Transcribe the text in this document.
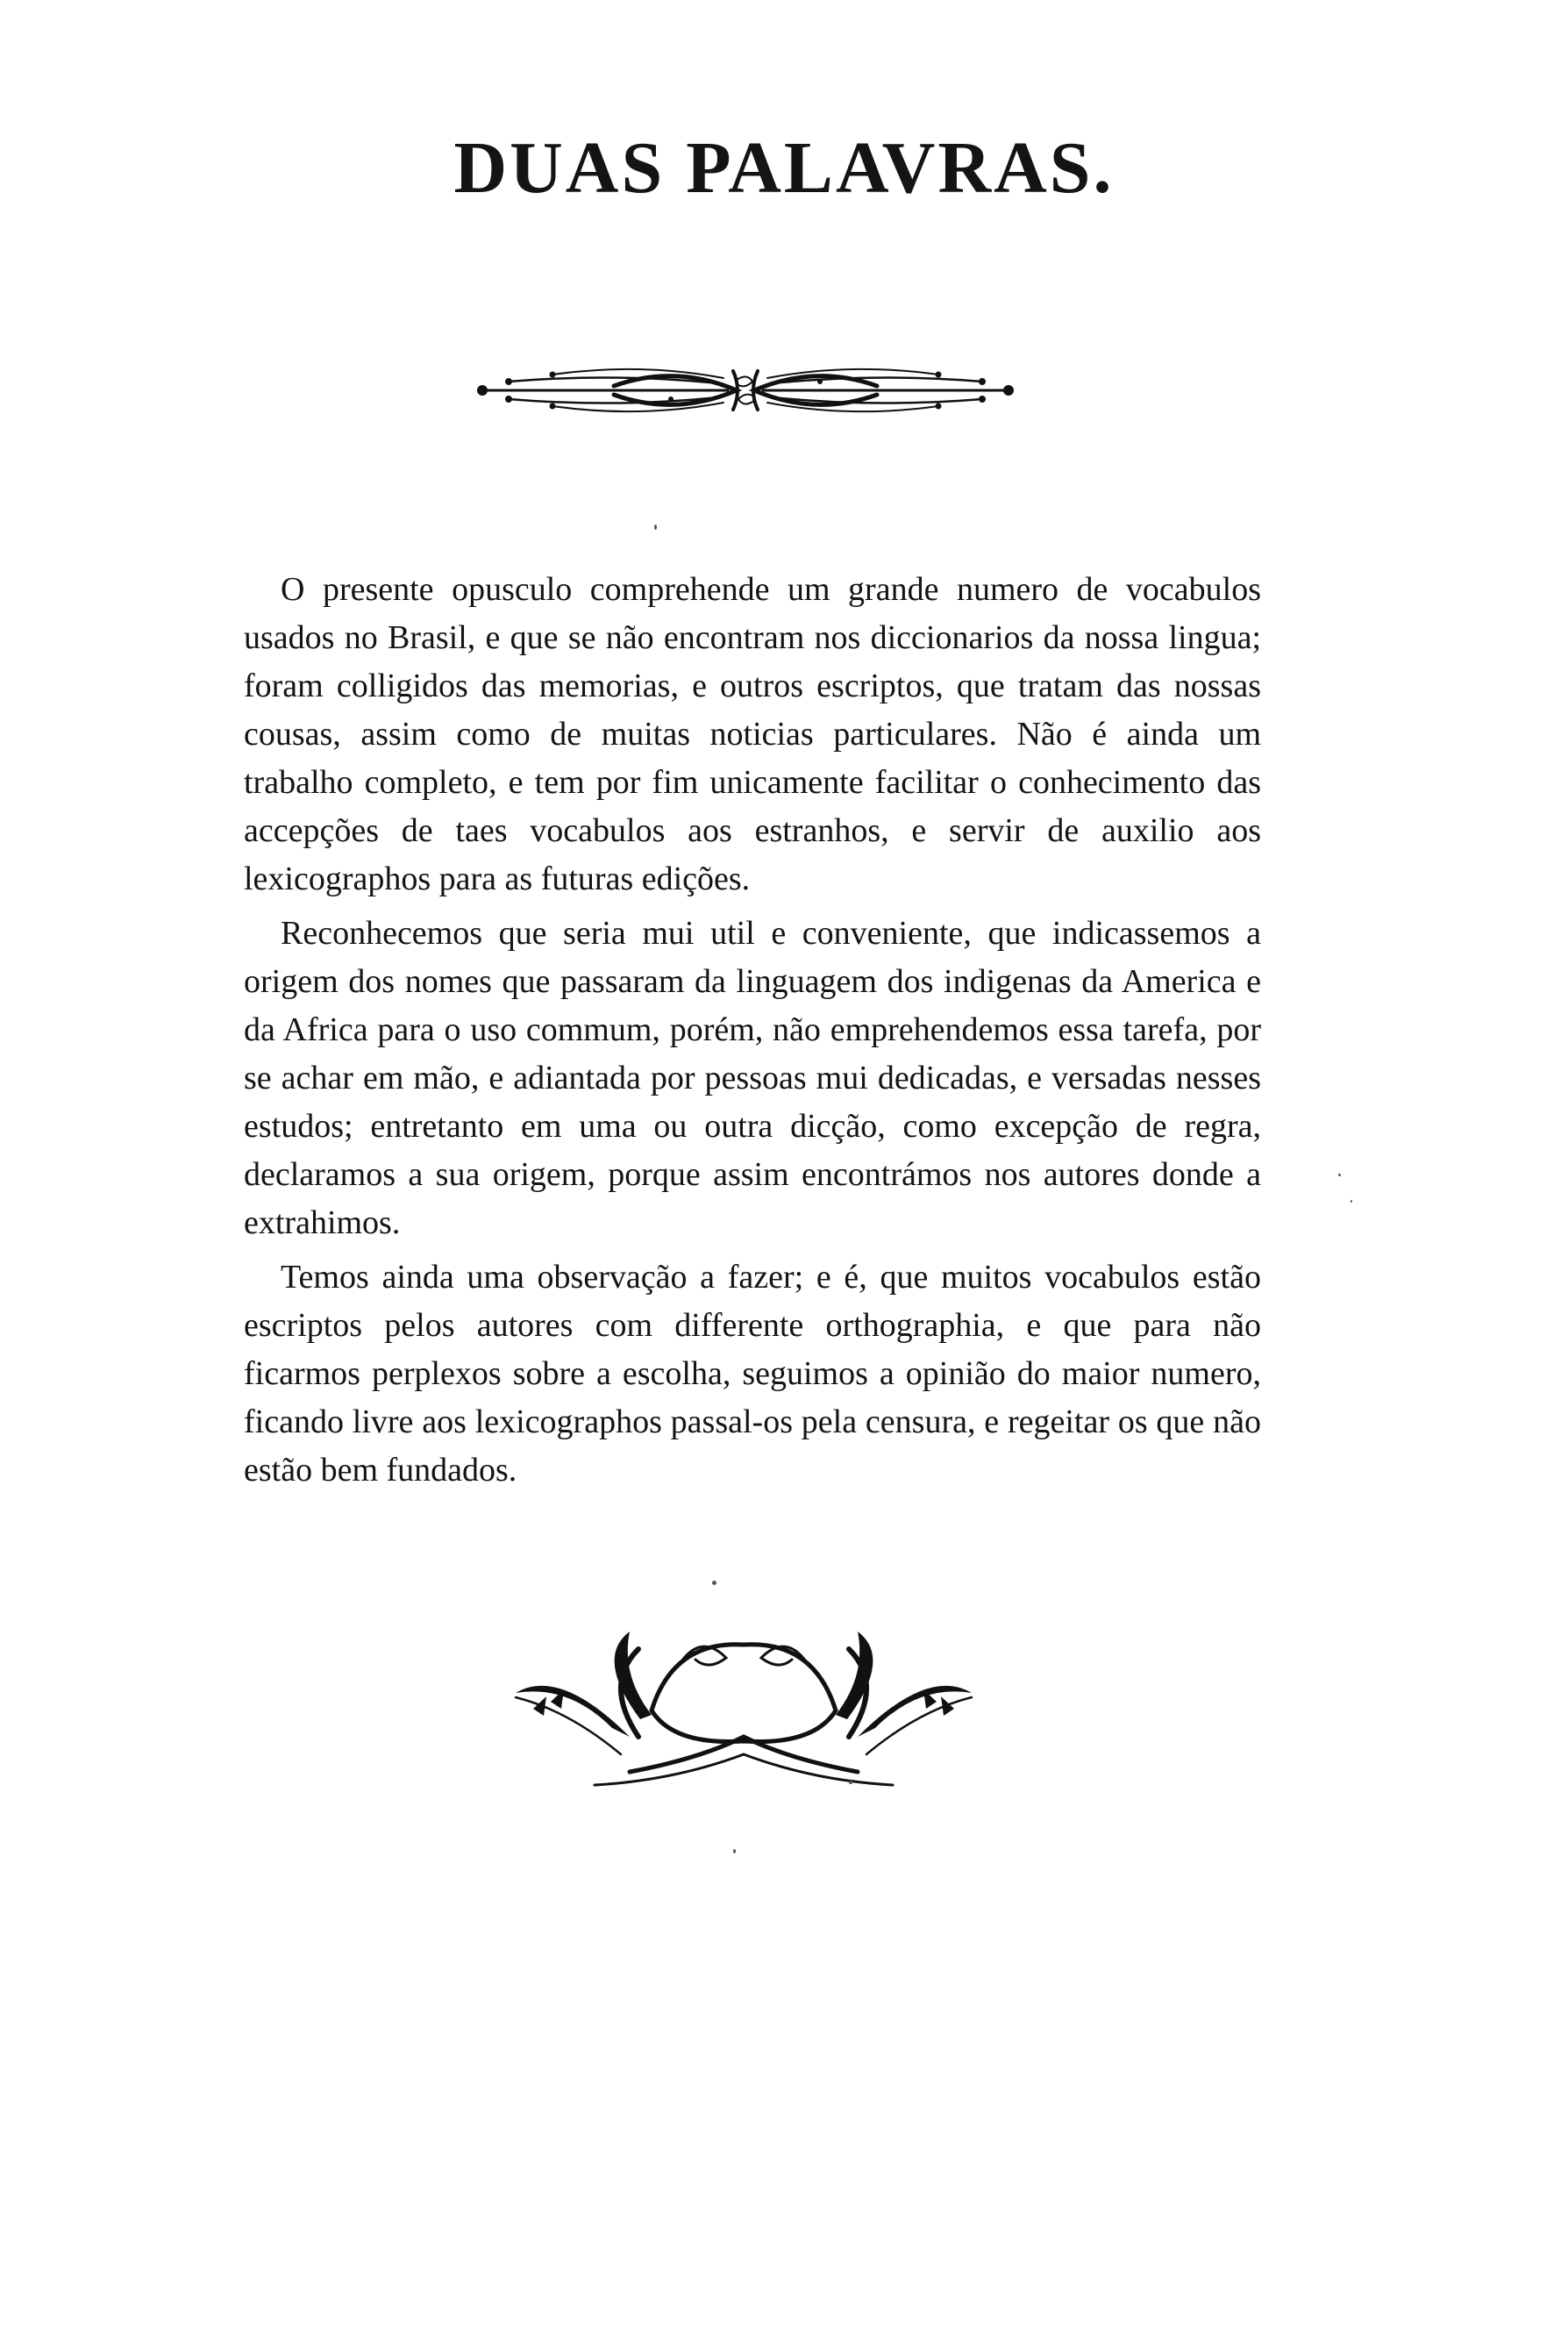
DUAS PALAVRAS.

O presente opusculo comprehende um grande numero de vocabulos usados no Brasil, e que se não encontram nos diccionarios da nossa lingua; foram colligidos das memorias, e outros escriptos, que tratam das nossas cousas, assim como de muitas noticias particulares. Não é ainda um trabalho completo, e tem por fim unicamente facilitar o conhecimento das accepções de taes vocabulos aos estranhos, e servir de auxilio aos lexicographos para as futuras edições.

Reconhecemos que seria mui util e conveniente, que indicassemos a origem dos nomes que passaram da linguagem dos indigenas da America e da Africa para o uso commum, porém, não emprehendemos essa tarefa, por se achar em mão, e adiantada por pessoas mui dedicadas, e versadas nesses estudos; entretanto em uma ou outra dicção, como excepção de regra, declaramos a sua origem, porque assim encontrámos nos autores donde a extrahimos.

Temos ainda uma observação a fazer; e é, que muitos vocabulos estão escriptos pelos autores com differente orthographia, e que para não ficarmos perplexos sobre a escolha, seguimos a opinião do maior numero, ficando livre aos lexicographos passal-os pela censura, e regeitar os que não estão bem fundados.
